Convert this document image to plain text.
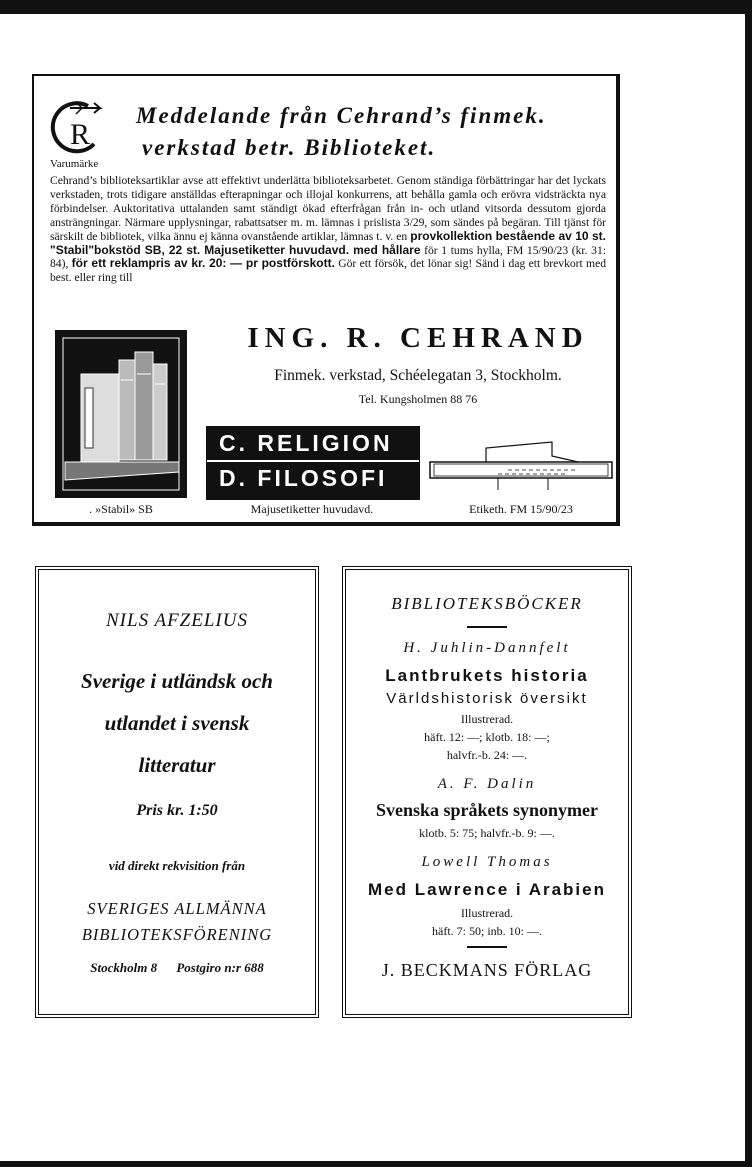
R
Varumärke
Meddelande från Cehrand’s finmek.
verkstad betr. Biblioteket.
Cehrand’s biblioteksartiklar avse att effektivt underlätta biblioteksarbetet. Genom ständiga förbättringar har det lyckats verkstaden, trots tidigare anställdas efterapningar och illojal konkurrens, att behålla gamla och erövra vidsträckta nya förbindelser. Auktoritativa uttalanden samt ständigt ökad efterfrågan från in- och utland vitsorda dessutom gjorda ansträngningar. Närmare upplysningar, rabattsatser m. m. lämnas i prislista 3/29, som sändes på begäran. Till tjänst för särskilt de bibliotek, vilka ännu ej känna ovanstående artiklar, lämnas t. v. en provkollektion bestående av 10 st. "Stabil"bokstöd SB, 22 st. Majusetiketter huvudavd. med hållare för 1 tums hylla, FM 15/90/23 (kr. 31: 84), för ett reklampris av kr. 20: — pr postförskott. Gör ett försök, det lönar sig! Sänd i dag ett brevkort med best. eller ring till
ING. R. CEHRAND
Finmek. verkstad, Schéelegatan 3, Stockholm.
Tel. Kungsholmen 88 76
. »Stabil» SB
C. RELIGION
D. FILOSOFI
Majusetiketter huvudavd.	Etiketh. FM 15/90/23
NILS AFZELIUS
Sverige i utländsk och
utlandet i svensk
litteratur
Pris kr. 1:50
vid direkt rekvisition från
SVERIGES ALLMÄNNA
BIBLIOTEKSFÖRENING
Stockholm 8 Postgiro n:r 688
BIBLIOTEKSBÖCKER
H. Juhlin-Dannfelt
Lantbrukets historia
Världshistorisk översikt
Illustrerad.
häft. 12: —; klotb. 18: —;
halvfr.-b. 24: —.
A. F. Dalin
Svenska språkets synonymer
klotb. 5: 75; halvfr.-b. 9: —.
Lowell Thomas
Med Lawrence i Arabien
Illustrerad.
häft. 7: 50; inb. 10: —.
J. BECKMANS FÖRLAG
